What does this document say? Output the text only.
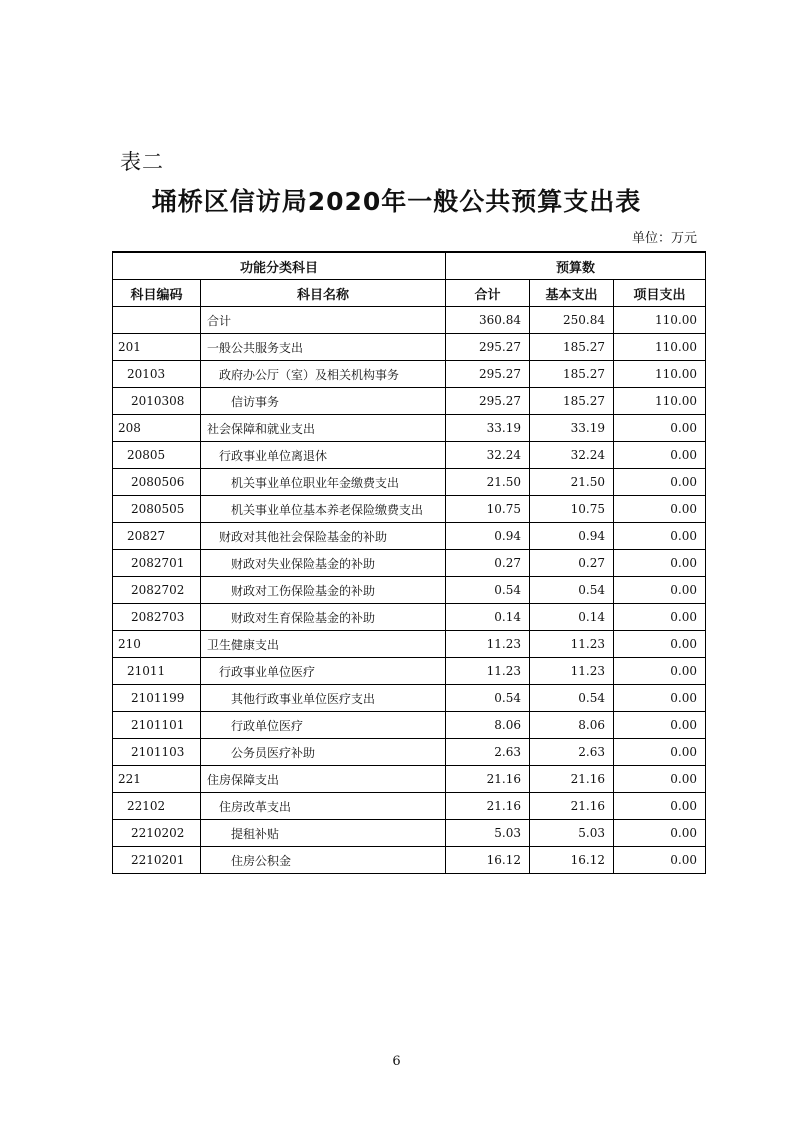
表二
埇桥区信访局2020年一般公共预算支出表
单位：万元
功能分类科目		预算数		
科目编码	科目名称	合计	基本支出	项目支出
	合计	360.84	250.84	110.00
201	一般公共服务支出	295.27	185.27	110.00
20103	政府办公厅（室）及相关机构事务	295.27	185.27	110.00
2010308	信访事务	295.27	185.27	110.00
208	社会保障和就业支出	33.19	33.19	0.00
20805	行政事业单位离退休	32.24	32.24	0.00
2080506	机关事业单位职业年金缴费支出	21.50	21.50	0.00
2080505	机关事业单位基本养老保险缴费支出	10.75	10.75	0.00
20827	财政对其他社会保险基金的补助	0.94	0.94	0.00
2082701	财政对失业保险基金的补助	0.27	0.27	0.00
2082702	财政对工伤保险基金的补助	0.54	0.54	0.00
2082703	财政对生育保险基金的补助	0.14	0.14	0.00
210	卫生健康支出	11.23	11.23	0.00
21011	行政事业单位医疗	11.23	11.23	0.00
2101199	其他行政事业单位医疗支出	0.54	0.54	0.00
2101101	行政单位医疗	8.06	8.06	0.00
2101103	公务员医疗补助	2.63	2.63	0.00
221	住房保障支出	21.16	21.16	0.00
22102	住房改革支出	21.16	21.16	0.00
2210202	提租补贴	5.03	5.03	0.00
2210201	住房公积金	16.12	16.12	0.00
6
